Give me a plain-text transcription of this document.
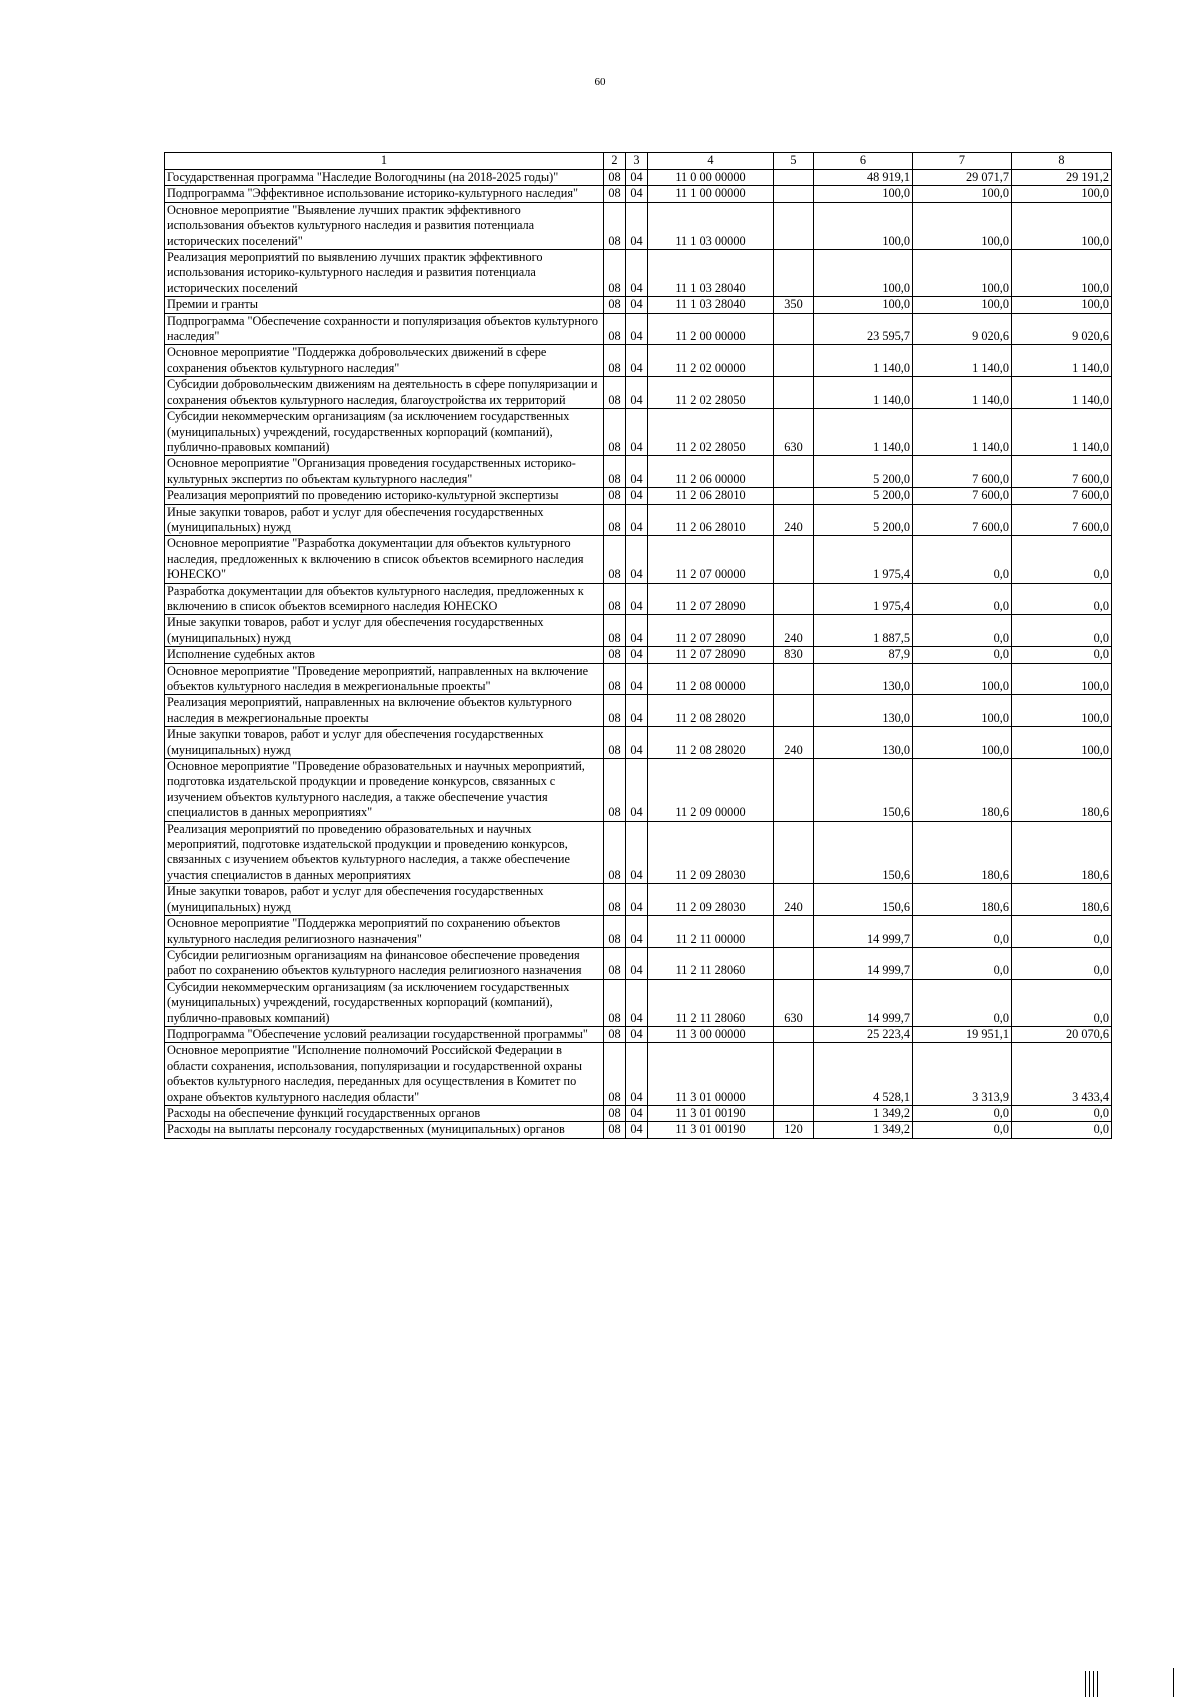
60
1	2	3	4	5	6	7	8
Государственная программа "Наследие Вологодчины (на 2018-2025 годы)"	08	04	11 0 00 00000		48 919,1	29 071,7	29 191,2
Подпрограмма "Эффективное использование историко-культурного наследия"	08	04	11 1 00 00000		100,0	100,0	100,0
Основное мероприятие "Выявление лучших практик эффективного использования объектов культурного наследия и развития потенциала исторических поселений"	08	04	11 1 03 00000		100,0	100,0	100,0
Реализация мероприятий по выявлению лучших практик эффективного использования историко-культурного наследия и развития потенциала исторических поселений	08	04	11 1 03 28040		100,0	100,0	100,0
Премии и гранты	08	04	11 1 03 28040	350	100,0	100,0	100,0
Подпрограмма "Обеспечение сохранности и популяризация объектов культурного наследия"	08	04	11 2 00 00000		23 595,7	9 020,6	9 020,6
Основное мероприятие "Поддержка добровольческих движений в сфере сохранения объектов культурного наследия"	08	04	11 2 02 00000		1 140,0	1 140,0	1 140,0
Субсидии добровольческим движениям на деятельность в сфере популяризации и сохранения объектов культурного наследия, благоустройства их территорий	08	04	11 2 02 28050		1 140,0	1 140,0	1 140,0
Субсидии некоммерческим организациям (за исключением государственных (муниципальных) учреждений, государственных корпораций (компаний), публично-правовых компаний)	08	04	11 2 02 28050	630	1 140,0	1 140,0	1 140,0
Основное мероприятие "Организация проведения государственных историко-культурных экспертиз по объектам культурного наследия"	08	04	11 2 06 00000		5 200,0	7 600,0	7 600,0
Реализация мероприятий по проведению историко-культурной экспертизы	08	04	11 2 06 28010		5 200,0	7 600,0	7 600,0
Иные закупки товаров, работ и услуг для обеспечения государственных (муниципальных) нужд	08	04	11 2 06 28010	240	5 200,0	7 600,0	7 600,0
Основное мероприятие "Разработка документации для объектов культурного наследия, предложенных к включению в список объектов всемирного наследия ЮНЕСКО"	08	04	11 2 07 00000		1 975,4	0,0	0,0
Разработка документации для объектов культурного наследия, предложенных к включению в список объектов всемирного наследия ЮНЕСКО	08	04	11 2 07 28090		1 975,4	0,0	0,0
Иные закупки товаров, работ и услуг для обеспечения государственных (муниципальных) нужд	08	04	11 2 07 28090	240	1 887,5	0,0	0,0
Исполнение судебных актов	08	04	11 2 07 28090	830	87,9	0,0	0,0
Основное мероприятие "Проведение мероприятий, направленных на включение объектов культурного наследия в межрегиональные проекты"	08	04	11 2 08 00000		130,0	100,0	100,0
Реализация мероприятий, направленных на включение объектов культурного наследия в межрегиональные проекты	08	04	11 2 08 28020		130,0	100,0	100,0
Иные закупки товаров, работ и услуг для обеспечения государственных (муниципальных) нужд	08	04	11 2 08 28020	240	130,0	100,0	100,0
Основное мероприятие "Проведение образовательных и научных мероприятий, подготовка издательской продукции и проведение конкурсов, связанных с изучением объектов культурного наследия, а также обеспечение участия специалистов в данных мероприятиях"	08	04	11 2 09 00000		150,6	180,6	180,6
Реализация мероприятий по проведению образовательных и научных мероприятий, подготовке издательской продукции и проведению конкурсов, связанных с изучением объектов культурного наследия, а также обеспечение участия специалистов в данных мероприятиях	08	04	11 2 09 28030		150,6	180,6	180,6
Иные закупки товаров, работ и услуг для обеспечения государственных (муниципальных) нужд	08	04	11 2 09 28030	240	150,6	180,6	180,6
Основное мероприятие "Поддержка мероприятий по сохранению объектов культурного наследия религиозного назначения"	08	04	11 2 11 00000		14 999,7	0,0	0,0
Субсидии религиозным организациям на финансовое обеспечение проведения работ по сохранению объектов культурного наследия религиозного назначения	08	04	11 2 11 28060		14 999,7	0,0	0,0
Субсидии некоммерческим организациям (за исключением государственных (муниципальных) учреждений, государственных корпораций (компаний), публично-правовых компаний)	08	04	11 2 11 28060	630	14 999,7	0,0	0,0
Подпрограмма "Обеспечение условий реализации государственной программы"	08	04	11 3 00 00000		25 223,4	19 951,1	20 070,6
Основное мероприятие "Исполнение полномочий Российской Федерации в области сохранения, использования, популяризации и государственной охраны объектов культурного наследия, переданных для осуществления в Комитет по охране объектов культурного наследия области"	08	04	11 3 01 00000		4 528,1	3 313,9	3 433,4
Расходы на обеспечение функций государственных органов	08	04	11 3 01 00190		1 349,2	0,0	0,0
Расходы на выплаты персоналу государственных (муниципальных) органов	08	04	11 3 01 00190	120	1 349,2	0,0	0,0
